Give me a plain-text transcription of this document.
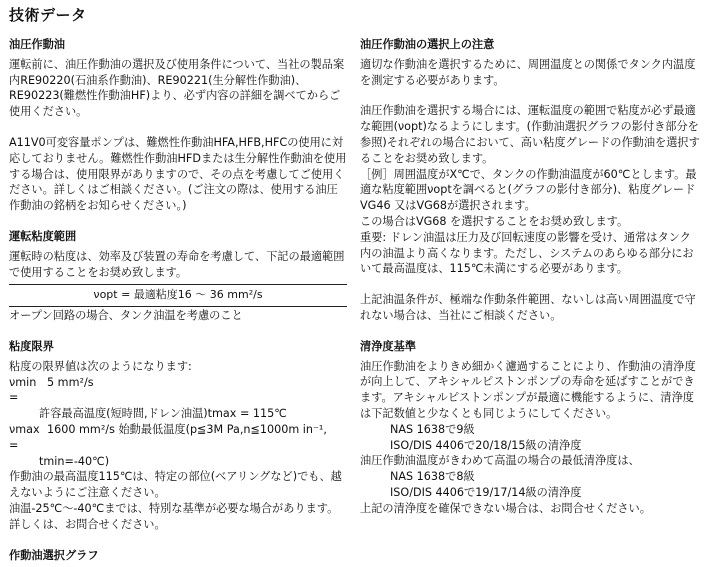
技術データ

油圧作動油

運転前に、油圧作動油の選択及び使用条件について、当社の製品案内RE90220(石油系作動油)、RE90221(生分解性作動油)、RE90223(難燃性作動油HF)より、必ず内容の詳細を調べてからご使用ください。

A11V0可変容量ポンプは、難燃性作動油HFA,HFB,HFCの使用に対応しておりません。難燃性作動油HFDまたは生分解性作動油を使用する場合は、使用限界がありますので、その点を考慮してご使用ください。詳しくはご相談ください。(ご注文の際は、使用する油圧作動油の銘柄をお知らせください。)

運転粘度範囲

運転時の粘度は、効率及び装置の寿命を考慮して、下記の最適範囲で使用することをお奨め致します。

νopt = 最適粘度16 ～ 36 mm²/s

オープン回路の場合、タンク油温を考慮のこと

粘度限界

粘度の限界値は次のようになります:

νmin =
5 mm²/s

許容最高温度(短時間,ドレン油温)tmax = 115℃

νmax =
1600 mm²/s 始動最低温度(p≦3M Pa,n≦1000m in⁻¹,

tmin=-40℃)

作動油の最高温度115℃は、特定の部位(ベアリングなど)でも、越えないようにご注意ください。

油温-25℃～-40℃までは、特別な基準が必要な場合があります。詳しくは、お問合せください。

作動油選択グラフ

油圧作動油の選択上の注意

適切な作動油を選択するために、周囲温度との関係でタンク内温度を測定する必要があります。

油圧作動油を選択する場合には、運転温度の範囲で粘度が必ず最適な範囲(νopt)なるようにします。(作動油選択グラフの影付き部分を参照)それぞれの場合において、高い粘度グレードの作動油を選択することをお奨め致します。

［例］周囲温度がX℃で、タンクの作動油温度が60℃とします。最適な粘度範囲νoptを調べると(グラフの影付き部分)、粘度グレードVG46 又はVG68が選択されます。

この場合はVG68 を選択することをお奨め致します。

重要: ドレン油温は圧力及び回転速度の影響を受け、通常はタンク内の油温より高くなります。ただし、システムのあらゆる部分において最高温度は、115℃未満にする必要があります。

上記油温条件が、極端な作動条件範囲、ないしは高い周囲温度で守れない場合は、当社にご相談ください。

清浄度基準

油圧作動油をよりきめ細かく濾過することにより、作動油の清浄度が向上して、アキシャルピストンポンプの寿命を延ばすことができます。アキシャルピストンポンプが最適に機能するように、清浄度は下記数値と少なくとも同じようにしてください。

NAS 1638で9級

ISO/DIS 4406で20/18/15級の清浄度

油圧作動油温度がきわめて高温の場合の最低清浄度は、

NAS 1638で8級

ISO/DIS 4406で19/17/14級の清浄度

上記の清浄度を確保できない場合は、お問合せください。
